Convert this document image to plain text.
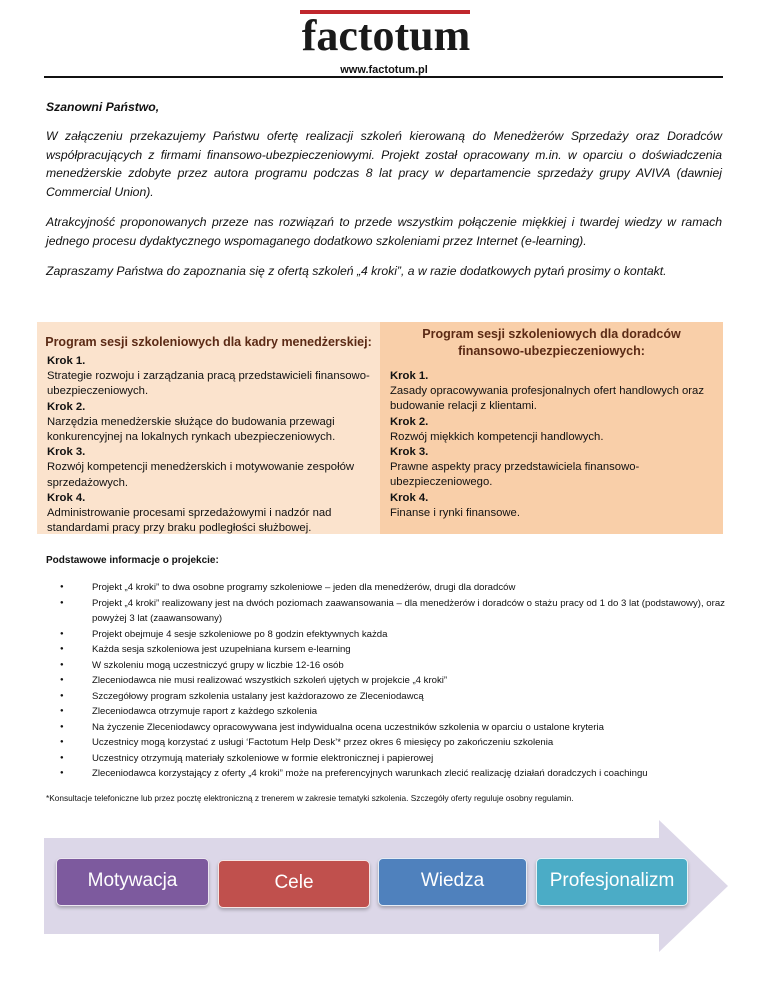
factotum
www.factotum.pl

Szanowni Państwo,

W załączeniu przekazujemy Państwu ofertę realizacji szkoleń kierowaną do Menedżerów Sprzedaży oraz Doradców współpracujących z firmami finansowo-ubezpieczeniowymi. Projekt został opracowany m.in. w oparciu o doświadczenia menedżerskie zdobyte przez autora programu podczas 8 lat pracy w departamencie sprzedaży grupy AVIVA (dawniej Commercial Union).

Atrakcyjność proponowanych przeze nas rozwiązań to przede wszystkim połączenie miękkiej i twardej wiedzy w ramach jednego procesu dydaktycznego wspomaganego dodatkowo szkoleniami przez Internet (e-learning).

Zapraszamy Państwa do zapoznania się z ofertą szkoleń „4 kroki”, a w razie dodatkowych pytań prosimy o kontakt.

Program sesji szkoleniowych dla kadry menedżerskiej:
Krok 1.
Strategie rozwoju i zarządzania pracą przedstawicieli finansowo-ubezpieczeniowych.
Krok 2.
Narzędzia menedżerskie służące do budowania przewagi konkurencyjnej na lokalnych rynkach ubezpieczeniowych.
Krok 3.
Rozwój kompetencji menedżerskich i motywowanie zespołów sprzedażowych.
Krok 4.
Administrowanie procesami sprzedażowymi i nadzór nad standardami pracy przy braku podległości służbowej.
Program sesji szkoleniowych dla doradców
finansowo-ubezpieczeniowych:
Krok 1.
Zasady opracowywania profesjonalnych ofert handlowych oraz budowanie relacji z klientami.
Krok 2.
Rozwój miękkich kompetencji handlowych.
Krok 3.
Prawne aspekty pracy przedstawiciela finansowo-ubezpieczeniowego.
Krok 4.
Finanse i rynki finansowe.
Podstawowe informacje o projekcie:
● Projekt „4 kroki” to dwa osobne programy szkoleniowe – jeden dla menedżerów, drugi dla doradców
● Projekt „4 kroki” realizowany jest na dwóch poziomach zaawansowania – dla menedżerów i doradców o stażu pracy od 1 do 3 lat (podstawowy), oraz powyżej 3 lat (zaawansowany)
● Projekt obejmuje 4 sesje szkoleniowe po 8 godzin efektywnych każda
● Każda sesja szkoleniowa jest uzupełniana kursem e-learning
● W szkoleniu mogą uczestniczyć grupy w liczbie 12-16 osób
● Zleceniodawca nie musi realizować wszystkich szkoleń ujętych w projekcie „4 kroki”
● Szczegółowy program szkolenia ustalany jest każdorazowo ze Zleceniodawcą
● Zleceniodawca otrzymuje raport z każdego szkolenia
● Na życzenie Zleceniodawcy opracowywana jest indywidualna ocena uczestników szkolenia w oparciu o ustalone kryteria
● Uczestnicy mogą korzystać z usługi ‘Factotum Help Desk’* przez okres 6 miesięcy po zakończeniu szkolenia
● Uczestnicy otrzymują materiały szkoleniowe w formie elektronicznej i papierowej
● Zleceniodawca korzystający z oferty „4 kroki” może na preferencyjnych warunkach zlecić realizację działań doradczych i coachingu
*Konsultacje telefoniczne lub przez pocztę elektroniczną z trenerem w zakresie tematyki szkolenia. Szczegóły oferty reguluje osobny regulamin.
Motywacja	Cele	Wiedza	Profesjonalizm
